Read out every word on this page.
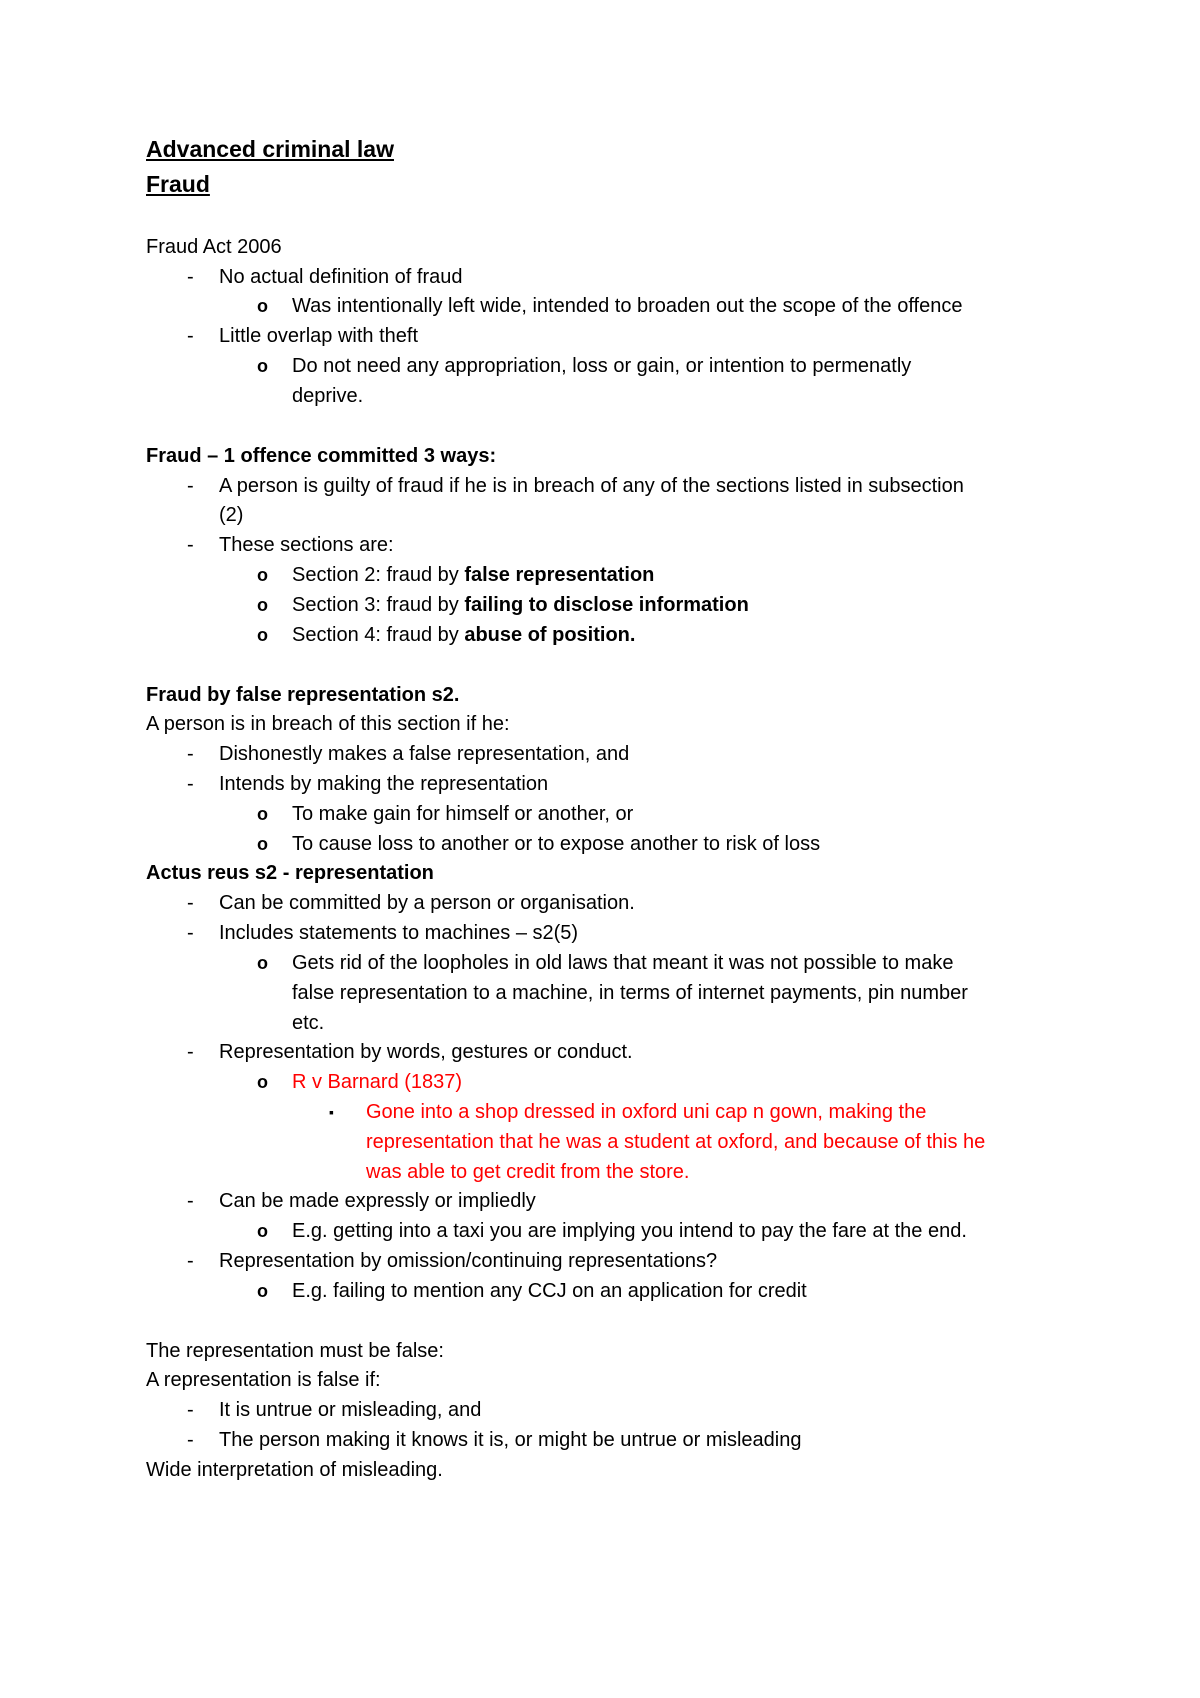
Advanced criminal law
Fraud
Fraud Act 2006
- No actual definition of fraud
o Was intentionally left wide, intended to broaden out the scope of the offence
- Little overlap with theft
o Do not need any appropriation, loss or gain, or intention to permenatly
deprive.
Fraud – 1 offence committed 3 ways:
- A person is guilty of fraud if he is in breach of any of the sections listed in subsection
(2)
- These sections are:
o Section 2: fraud by false representation
o Section 3: fraud by failing to disclose information
o Section 4: fraud by abuse of position.
Fraud by false representation s2.
A person is in breach of this section if he:
- Dishonestly makes a false representation, and
- Intends by making the representation
o To make gain for himself or another, or
o To cause loss to another or to expose another to risk of loss
Actus reus s2 - representation
- Can be committed by a person or organisation.
- Includes statements to machines – s2(5)
o Gets rid of the loopholes in old laws that meant it was not possible to make
false representation to a machine, in terms of internet payments, pin number
etc.
- Representation by words, gestures or conduct.
o R v Barnard (1837)
▪ Gone into a shop dressed in oxford uni cap n gown, making the
representation that he was a student at oxford, and because of this he
was able to get credit from the store.
- Can be made expressly or impliedly
o E.g. getting into a taxi you are implying you intend to pay the fare at the end.
- Representation by omission/continuing representations?
o E.g. failing to mention any CCJ on an application for credit
The representation must be false:
A representation is false if:
- It is untrue or misleading, and
- The person making it knows it is, or might be untrue or misleading
Wide interpretation of misleading.
